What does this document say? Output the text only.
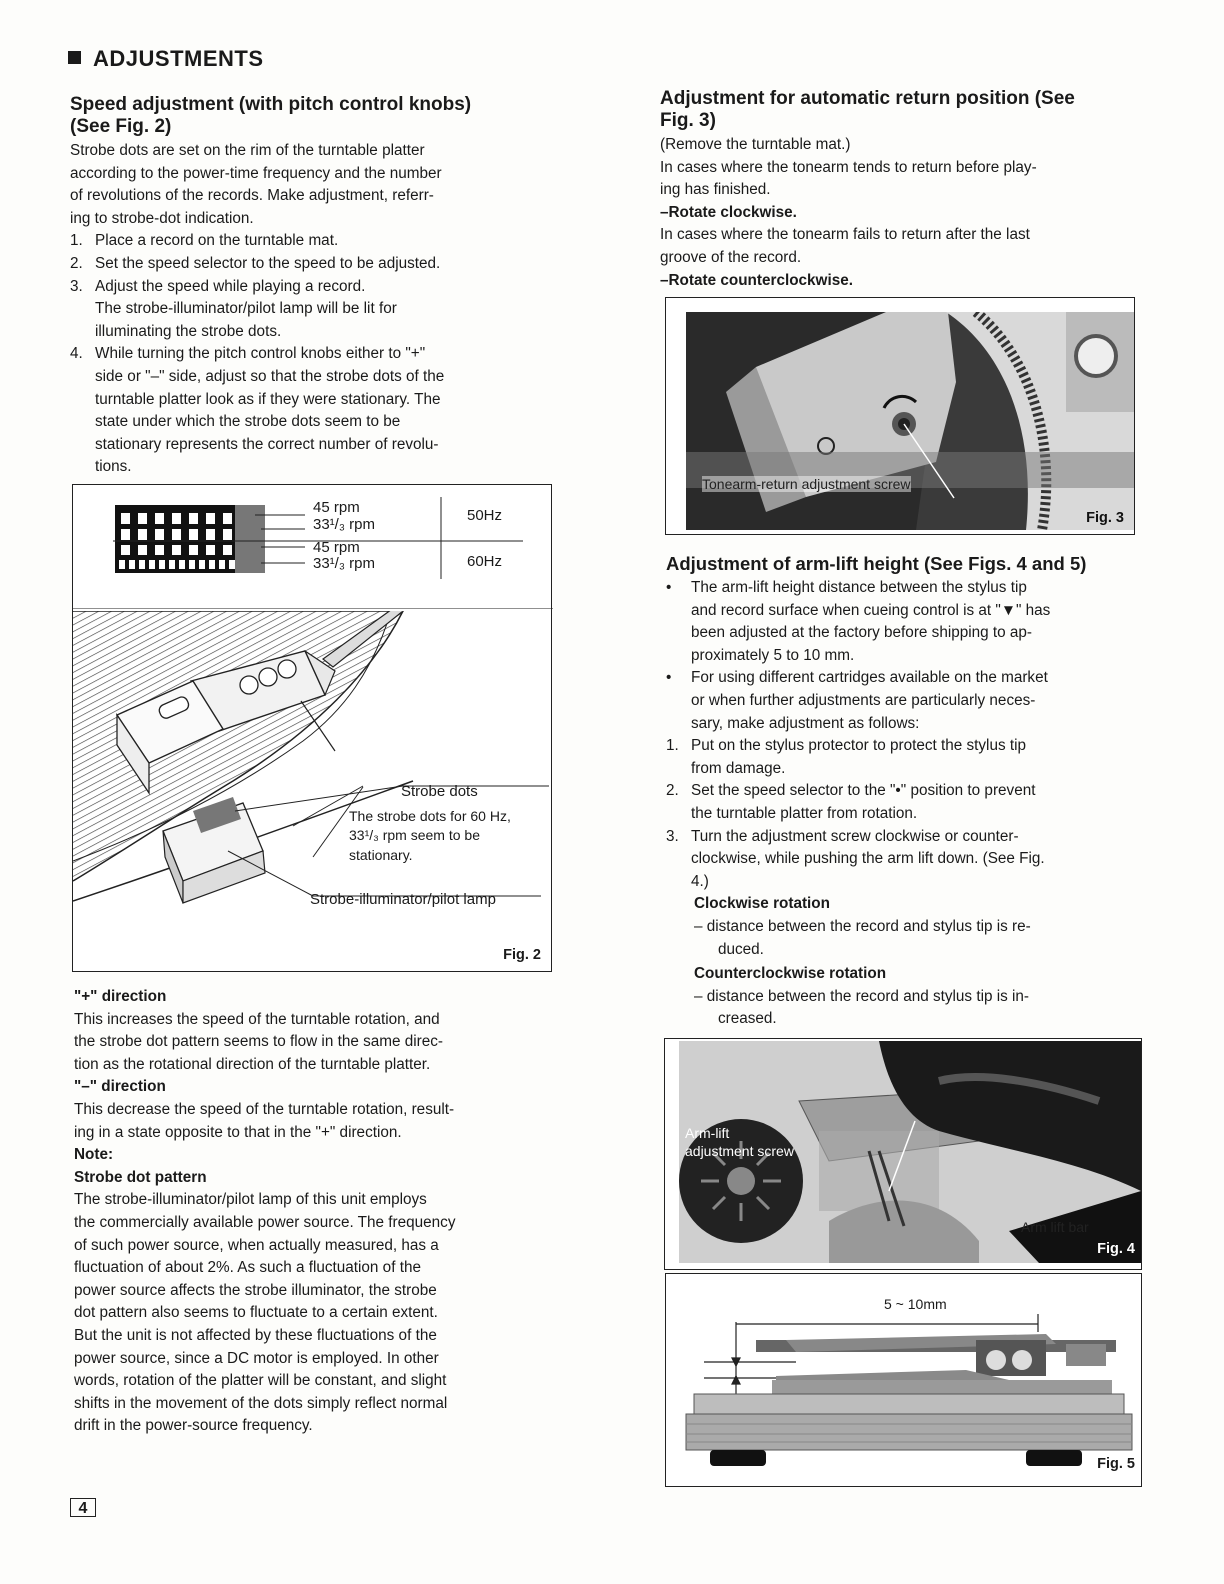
ADJUSTMENTS
Speed adjustment (with pitch control knobs)
(See Fig. 2)

Strobe dots are set on the rim of the turntable platter

according to the power-time frequency and the number

of revolutions of the records. Make adjustment, referr-

ing to strobe-dot indication.

1. Place a record on the turntable mat.
2. Set the speed selector to the speed to be adjusted.
3. Adjust the speed while playing a record.
The strobe-illuminator/pilot lamp will be lit for
illuminating the strobe dots.
4. While turning the pitch control knobs either to "+"
side or "–" side, adjust so that the strobe dots of the
turntable platter look as if they were stationary. The
state under which the strobe dots seem to be
stationary represents the correct number of revolu-
tions.
45 rpm
33¹/₃ rpm
45 rpm
33¹/₃ rpm
50Hz
60Hz
Strobe dots
The strobe dots for 60 Hz,
33¹/₃ rpm seem to be
stationary.
Strobe-illuminator/pilot lamp
Fig. 2

"+" direction

This increases the speed of the turntable rotation, and

the strobe dot pattern seems to flow in the same direc-

tion as the rotational direction of the turntable platter.

"–" direction

This decrease the speed of the turntable rotation, result-

ing in a state opposite to that in the "+" direction.

Note:

Strobe dot pattern

The strobe-illuminator/pilot lamp of this unit employs

the commercially available power source. The frequency

of such power source, when actually measured, has a

fluctuation of about 2%. As such a fluctuation of the

power source affects the strobe illuminator, the strobe

dot pattern also seems to fluctuate to a certain extent.

But the unit is not affected by these fluctuations of the

power source, since a DC motor is employed. In other

words, rotation of the platter will be constant, and slight

shifts in the movement of the dots simply reflect normal

drift in the power-source frequency.

4
Adjustment for automatic return position (See
Fig. 3)

(Remove the turntable mat.)

In cases where the tonearm tends to return before play-

ing has finished.

–Rotate clockwise.

In cases where the tonearm fails to return after the last

groove of the record.

–Rotate counterclockwise.

Tonearm-return adjustment screw
Fig. 3
Adjustment of arm-lift height (See Figs. 4 and 5)
• The arm-lift height distance between the stylus tip
and record surface when cueing control is at "▼" has
been adjusted at the factory before shipping to ap-
proximately 5 to 10 mm.
• For using different cartridges available on the market
or when further adjustments are particularly neces-
sary, make adjustment as follows:
1. Put on the stylus protector to protect the stylus tip
from damage.
2. Set the speed selector to the "•" position to prevent
the turntable platter from rotation.
3. Turn the adjustment screw clockwise or counter-
clockwise, while pushing the arm lift down. (See Fig.
4.)

Clockwise rotation

– distance between the record and stylus tip is re-

duced.

Counterclockwise rotation

– distance between the record and stylus tip is in-

creased.

Arm-lift
adjustment screw
Arm lift bar
Fig. 4
5 ~ 10mm
Fig. 5
